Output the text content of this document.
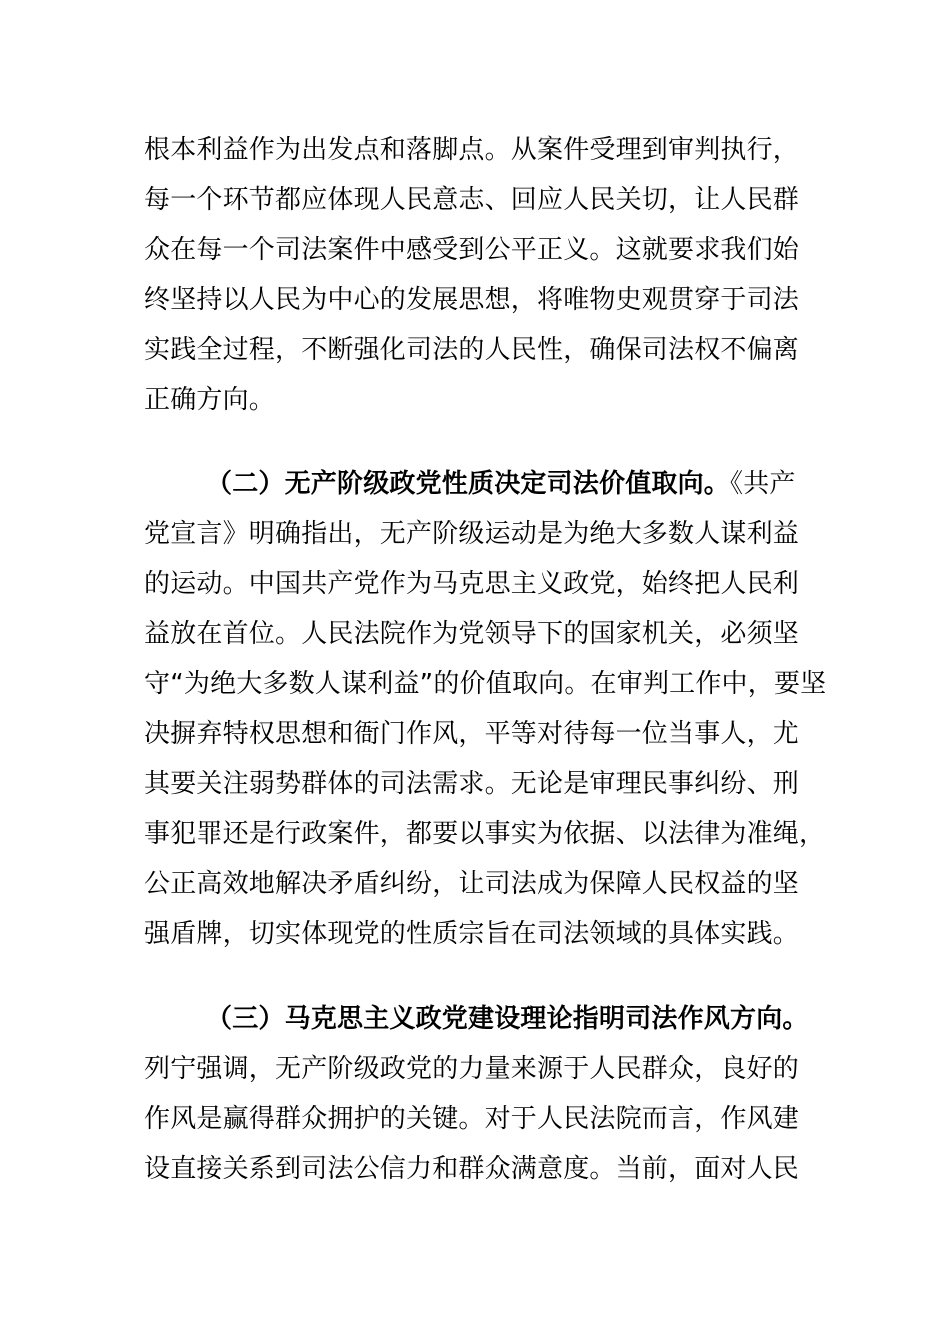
根本利益作为出发点和落脚点。从案件受理到审判执行，
每一个环节都应体现人民意志、回应人民关切，让人民群
众在每一个司法案件中感受到公平正义。这就要求我们始
终坚持以人民为中心的发展思想，将唯物史观贯穿于司法
实践全过程，不断强化司法的人民性，确保司法权不偏离
正确方向。
（二）无产阶级政党性质决定司法价值取向。《共产
党宣言》明确指出，无产阶级运动是为绝大多数人谋利益
的运动。中国共产党作为马克思主义政党，始终把人民利
益放在首位。人民法院作为党领导下的国家机关，必须坚
守“为绝大多数人谋利益”的价值取向。在审判工作中，要坚
决摒弃特权思想和衙门作风，平等对待每一位当事人，尤
其要关注弱势群体的司法需求。无论是审理民事纠纷、刑
事犯罪还是行政案件，都要以事实为依据、以法律为准绳，
公正高效地解决矛盾纠纷，让司法成为保障人民权益的坚
强盾牌，切实体现党的性质宗旨在司法领域的具体实践。
（三）马克思主义政党建设理论指明司法作风方向。
列宁强调，无产阶级政党的力量来源于人民群众，良好的
作风是赢得群众拥护的关键。对于人民法院而言，作风建
设直接关系到司法公信力和群众满意度。当前，面对人民
